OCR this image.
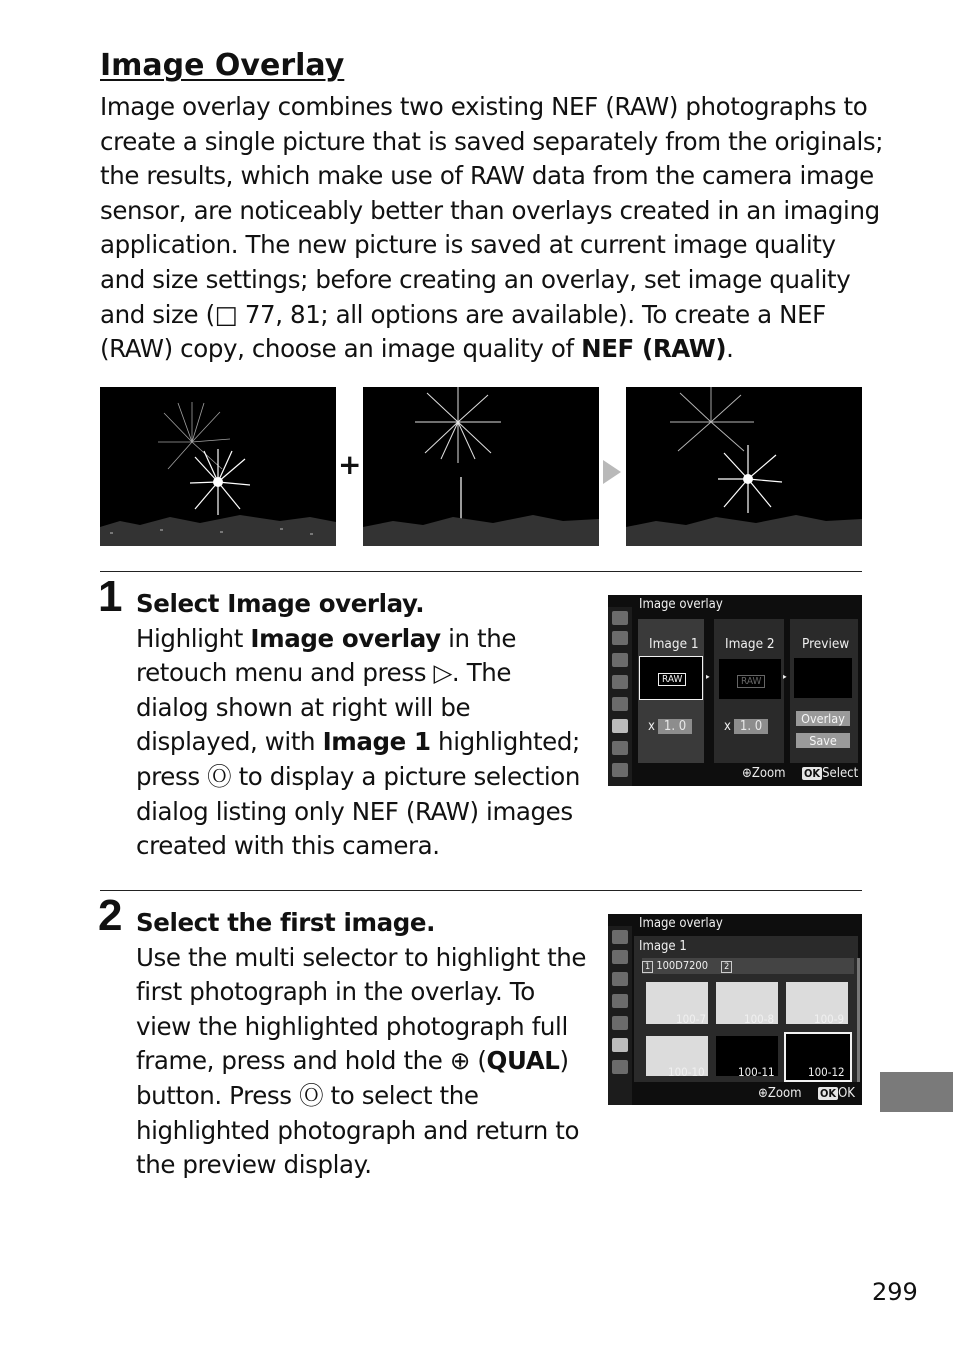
Image Overlay
Image overlay combines two existing NEF (RAW) photographs to
create a single picture that is saved separately from the originals;
the results, which make use of RAW data from the camera image
sensor, are noticeably better than overlays created in an imaging
application. The new picture is saved at current image quality
and size settings; before creating an overlay, set image quality
and size (□ 77, 81; all options are available). To create a NEF
(RAW) copy, choose an image quality of NEF (RAW).
+
1 Select Image overlay.
Highlight Image overlay in the
retouch menu and press ▷. The
dialog shown at right will be
displayed, with Image 1 highlighted;
press Ⓞ to display a picture selection
dialog listing only NEF (RAW) images
created with this camera.
Image overlay
Image 1 Image 2 Preview
RAW	RAW
▸	▸
x 1. 0	x 1. 0
Overlay
Save
⊕Zoom OK Select
2 Select the first image.
Use the multi selector to highlight the
first photograph in the overlay. To
view the highlighted photograph full
frame, press and hold the ⊕ (QUAL)
button. Press Ⓞ to select the
highlighted photograph and return to
the preview display.
Image overlay
Image 1
1 100D7200 2
100-7	100-8	100-9
100-10	100-11	100-12
⊕Zoom OK OK
299
